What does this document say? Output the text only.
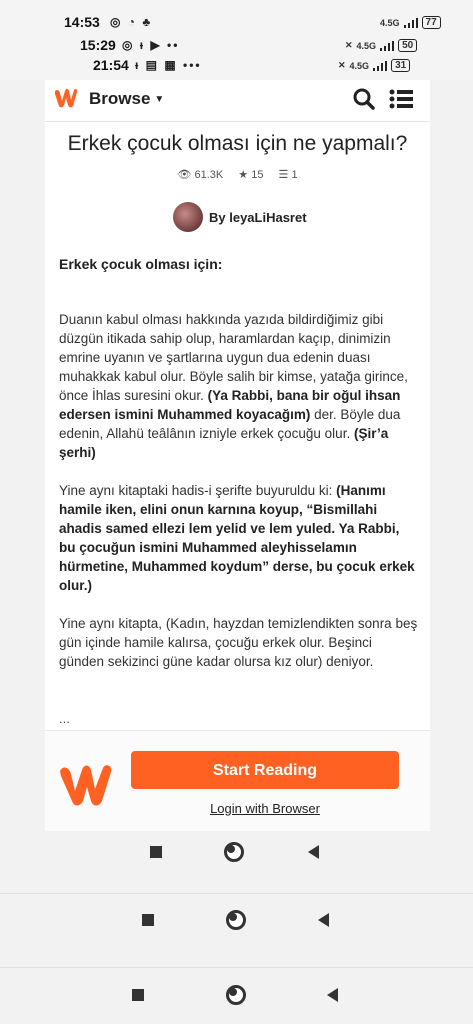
14:53 ◎ ◔ ♣	4.5G	77
15:29 ◎ ᵻ ▶ ••	✕ 4.5G	50
21:54 ᵻ ▤ ▦ •••	✕ 4.5G	31
Browse ▼
Erkek çocuk olması için ne yapmalı?
👁 61.3K ★ 15 ☰ 1
By leyaLiHasret
Erkek çocuk olması için:

Duanın kabul olması hakkında yazıda bildirdiğimiz gibi düzgün itikada sahip olup, haramlardan kaçıp, dinimizin emrine uyanın ve şartlarına uygun dua edenin duası muhakkak kabul olur. Böyle salih bir kimse, yatağa girince, önce İhlas suresini okur. (Ya Rabbi, bana bir oğul ihsan edersen ismini Muhammed koyacağım) der. Böyle dua edenin, Allahü teâlânın izniyle erkek çocuğu olur. (Şir’a şerhi)

Yine aynı kitaptaki hadis-i şerifte buyuruldu ki: (Hanımı hamile iken, elini onun karnına koyup, “Bismillahi ahadis samed ellezi lem yelid ve lem yuled. Ya Rabbi, bu çocuğun ismini Muhammed aleyhisselamın hürmetine, Muhammed koydum” derse, bu çocuk erkek olur.)

Yine aynı kitapta, (Kadın, hayzdan temizlendikten sonra beş gün içinde hamile kalırsa, çocuğu erkek olur. Beşinci günden sekizinci güne kadar olursa kız olur) deniyor.

...
Start Reading
Login with Browser
